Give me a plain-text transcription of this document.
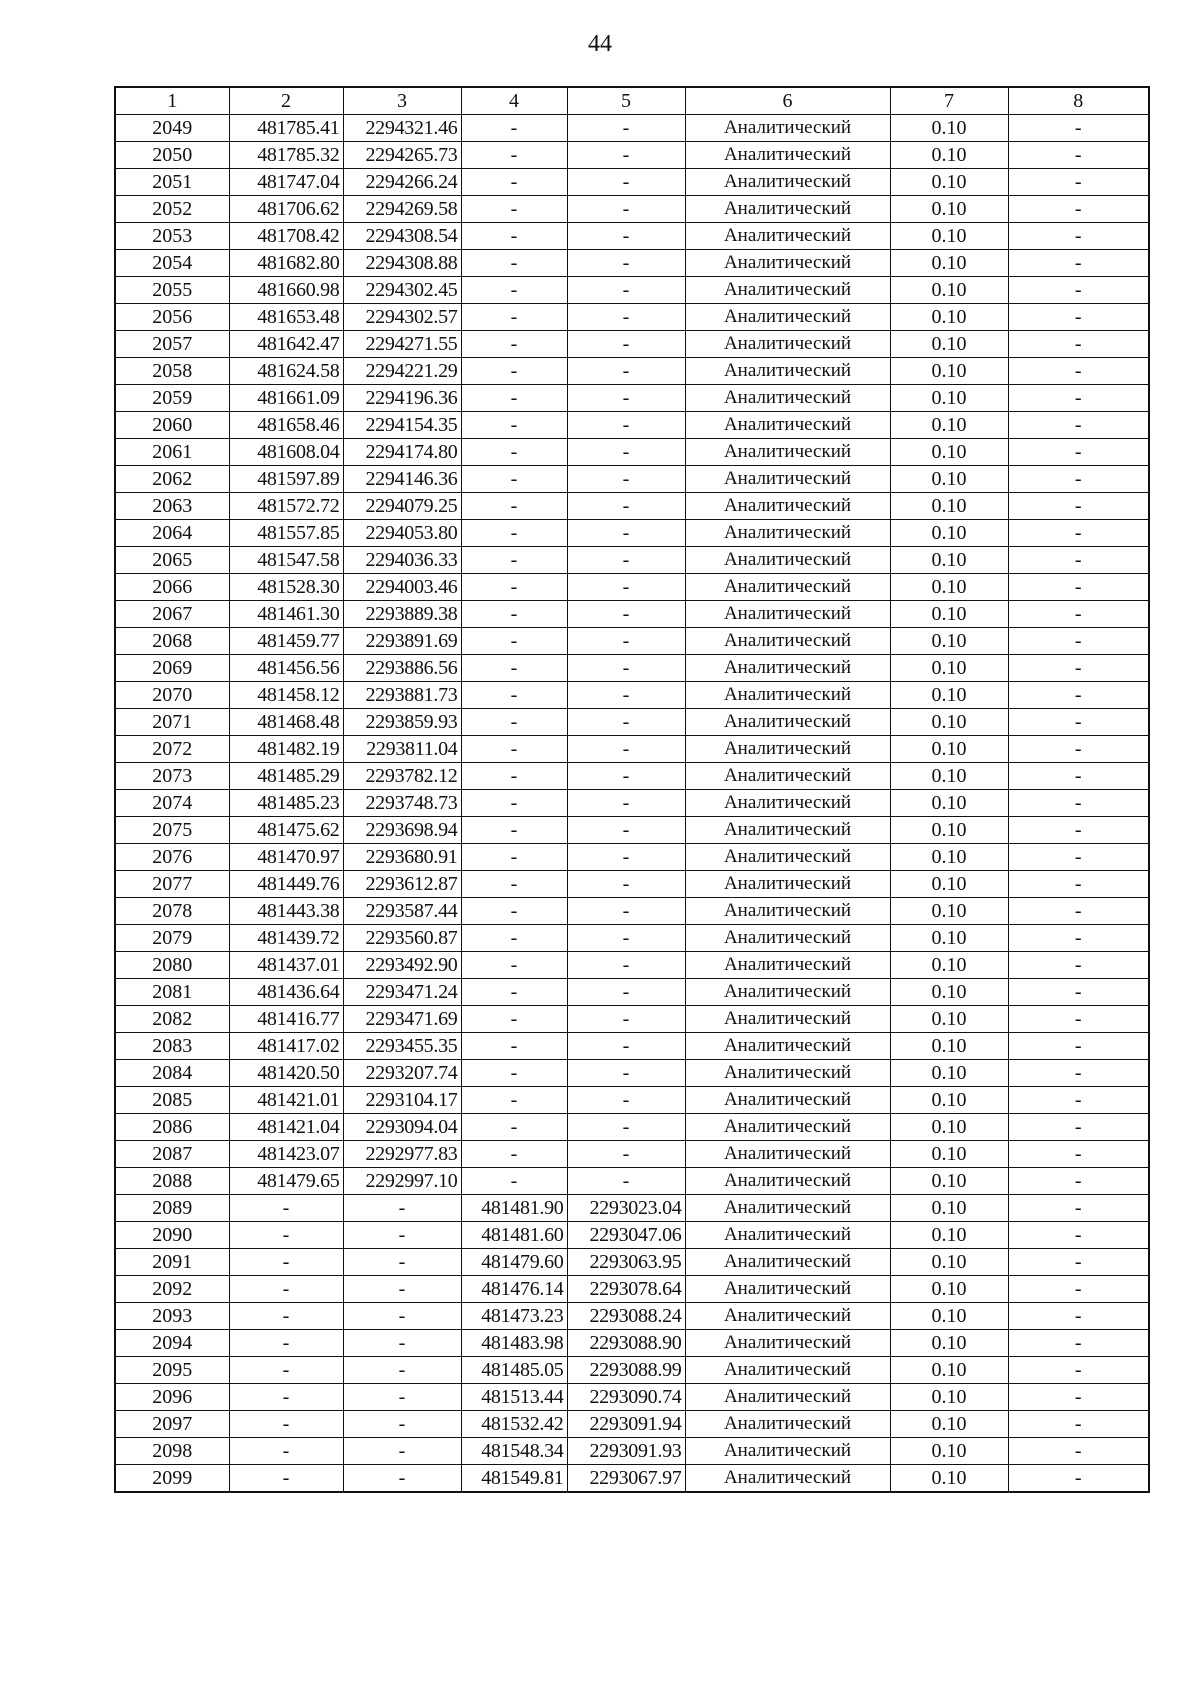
44
1	2	3	4	5	6	7	8
2049	481785.41	2294321.46	-	-	Аналитический	0.10	-
2050	481785.32	2294265.73	-	-	Аналитический	0.10	-
2051	481747.04	2294266.24	-	-	Аналитический	0.10	-
2052	481706.62	2294269.58	-	-	Аналитический	0.10	-
2053	481708.42	2294308.54	-	-	Аналитический	0.10	-
2054	481682.80	2294308.88	-	-	Аналитический	0.10	-
2055	481660.98	2294302.45	-	-	Аналитический	0.10	-
2056	481653.48	2294302.57	-	-	Аналитический	0.10	-
2057	481642.47	2294271.55	-	-	Аналитический	0.10	-
2058	481624.58	2294221.29	-	-	Аналитический	0.10	-
2059	481661.09	2294196.36	-	-	Аналитический	0.10	-
2060	481658.46	2294154.35	-	-	Аналитический	0.10	-
2061	481608.04	2294174.80	-	-	Аналитический	0.10	-
2062	481597.89	2294146.36	-	-	Аналитический	0.10	-
2063	481572.72	2294079.25	-	-	Аналитический	0.10	-
2064	481557.85	2294053.80	-	-	Аналитический	0.10	-
2065	481547.58	2294036.33	-	-	Аналитический	0.10	-
2066	481528.30	2294003.46	-	-	Аналитический	0.10	-
2067	481461.30	2293889.38	-	-	Аналитический	0.10	-
2068	481459.77	2293891.69	-	-	Аналитический	0.10	-
2069	481456.56	2293886.56	-	-	Аналитический	0.10	-
2070	481458.12	2293881.73	-	-	Аналитический	0.10	-
2071	481468.48	2293859.93	-	-	Аналитический	0.10	-
2072	481482.19	2293811.04	-	-	Аналитический	0.10	-
2073	481485.29	2293782.12	-	-	Аналитический	0.10	-
2074	481485.23	2293748.73	-	-	Аналитический	0.10	-
2075	481475.62	2293698.94	-	-	Аналитический	0.10	-
2076	481470.97	2293680.91	-	-	Аналитический	0.10	-
2077	481449.76	2293612.87	-	-	Аналитический	0.10	-
2078	481443.38	2293587.44	-	-	Аналитический	0.10	-
2079	481439.72	2293560.87	-	-	Аналитический	0.10	-
2080	481437.01	2293492.90	-	-	Аналитический	0.10	-
2081	481436.64	2293471.24	-	-	Аналитический	0.10	-
2082	481416.77	2293471.69	-	-	Аналитический	0.10	-
2083	481417.02	2293455.35	-	-	Аналитический	0.10	-
2084	481420.50	2293207.74	-	-	Аналитический	0.10	-
2085	481421.01	2293104.17	-	-	Аналитический	0.10	-
2086	481421.04	2293094.04	-	-	Аналитический	0.10	-
2087	481423.07	2292977.83	-	-	Аналитический	0.10	-
2088	481479.65	2292997.10	-	-	Аналитический	0.10	-
2089	-	-	481481.90	2293023.04	Аналитический	0.10	-
2090	-	-	481481.60	2293047.06	Аналитический	0.10	-
2091	-	-	481479.60	2293063.95	Аналитический	0.10	-
2092	-	-	481476.14	2293078.64	Аналитический	0.10	-
2093	-	-	481473.23	2293088.24	Аналитический	0.10	-
2094	-	-	481483.98	2293088.90	Аналитический	0.10	-
2095	-	-	481485.05	2293088.99	Аналитический	0.10	-
2096	-	-	481513.44	2293090.74	Аналитический	0.10	-
2097	-	-	481532.42	2293091.94	Аналитический	0.10	-
2098	-	-	481548.34	2293091.93	Аналитический	0.10	-
2099	-	-	481549.81	2293067.97	Аналитический	0.10	-
